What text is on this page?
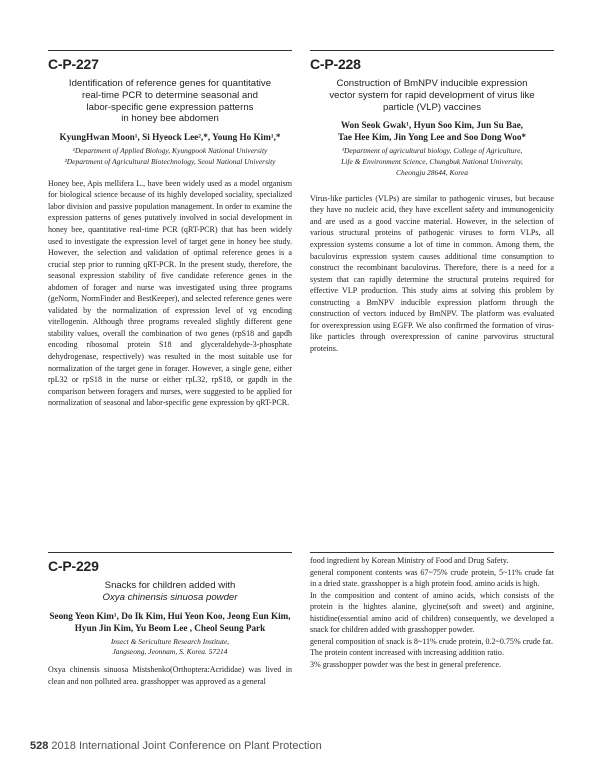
C-P-227
Identification of reference genes for quantitative
real-time PCR to determine seasonal and
labor-specific gene expression patterns
in honey bee abdomen
KyungHwan Moon¹, Si Hyeock Lee²,*, Young Ho Kim¹,*
¹Department of Applied Biology, Kyungpook National University
²Department of Agricultural Biotechnology, Seoul National University

Honey bee, Apis mellifera L., have been widely used as a model organism for biological science because of its highly developed sociality, specialized labor division and passive population management. In order to examine the expression patterns of genes putatively involved in social development in honey bee, quantitative real-time PCR (qRT-PCR) that has been widely used to investigate the expression level of target gene in honey bee study. However, the selection and validation of optimal reference genes is a crucial step prior to running qRT-PCR. In the present study, therefore, the seasonal expression stability of five candidate reference genes in the abdomen of forager and nurse was investigated using three programs (geNorm, NormFinder and BestKeeper), and selected reference genes were validated by the normalization of expression level of vg encoding vitellogenin. Although three programs revealed slightly different gene stability values, overall the combination of two genes (rpS18 and gapdh encoding ribosomal protein S18 and glyceraldehyde-3-phosphate dehydrogenase, respectively) was resulted in the most suitable use for normalization of the target gene in forager. However, a single gene, either rpL32 or rpS18 in the nurse or either rpL32, rpS18, or gapdh in the comparison between foragers and nurses, were suggested to be applied for normalization of seasonal and labor-specific gene expression by qRT-PCR.

C-P-228
Construction of BmNPV inducible expression
vector system for rapid development of virus like
particle (VLP) vaccines
Won Seok Gwak¹, Hyun Soo Kim, Jun Su Bae,
Tae Hee Kim, Jin Yong Lee and Soo Dong Woo*
¹Department of agricultural biology, College of Agriculture,
Life & Environment Science, Chungbuk National University,
Cheongju 28644, Korea

Virus-like particles (VLPs) are similar to pathogenic viruses, but because they have no nucleic acid, they have excellent safety and immunogenicity and are used as a good vaccine material. However, in the selection of various structural proteins of pathogenic viruses to form VLPs, all expression systems consume a lot of time in common. Among them, the baculovirus expression system causes additional time consumption to construct the recombinant baculovirus. Therefore, there is a need for a system that can rapidly determine the structural proteins required for effective VLP production. This study aims at solving this problem by constructing a BmNPV inducible expression platform through the construction of vectors induced by BmNPV. The platform was evaluated for overexpression using EGFP. We also confirmed the formation of virus-like particles through overexpression of canine parvovirus structural proteins.

C-P-229
Snacks for children added with
Oxya chinensis sinuosa powder
Seong Yeon Kim¹, Do Ik Kim, Hui Yeon Koo, Jeong Eun Kim,
Hyun Jin Kim, Yu Beom Lee , Cheol Seung Park
Insect & Sericulture Research Institute,
Jangseong, Jeonnam, S. Korea. 57214

Oxya chinensis sinuosa Mistshenko(Orthoptera:Acrididae) was lived in clean and non polluted area. grasshopper was approved as a general

food ingredient by Korean Ministry of Food and Drug Safety.

general component contents was 67~75% crude protein, 5~11% crude fat in a dried state. grasshopper is a high protein food. amino acids is high.

In the composition and content of amino acids, which consists of the protein is the hightes alanine, glycine(soft and sweet) and arginine, histidine(essential amino acid of children) consequently, we developed a snack for children added with grasshopper powder.

general composition of snack is 8~11% crude protein, 0.2~0.75% crude fat.

The protein content increased with increasing addition ratio.

3% grasshopper powder was the best in general preference.

528 2018 International Joint Conference on Plant Protection
